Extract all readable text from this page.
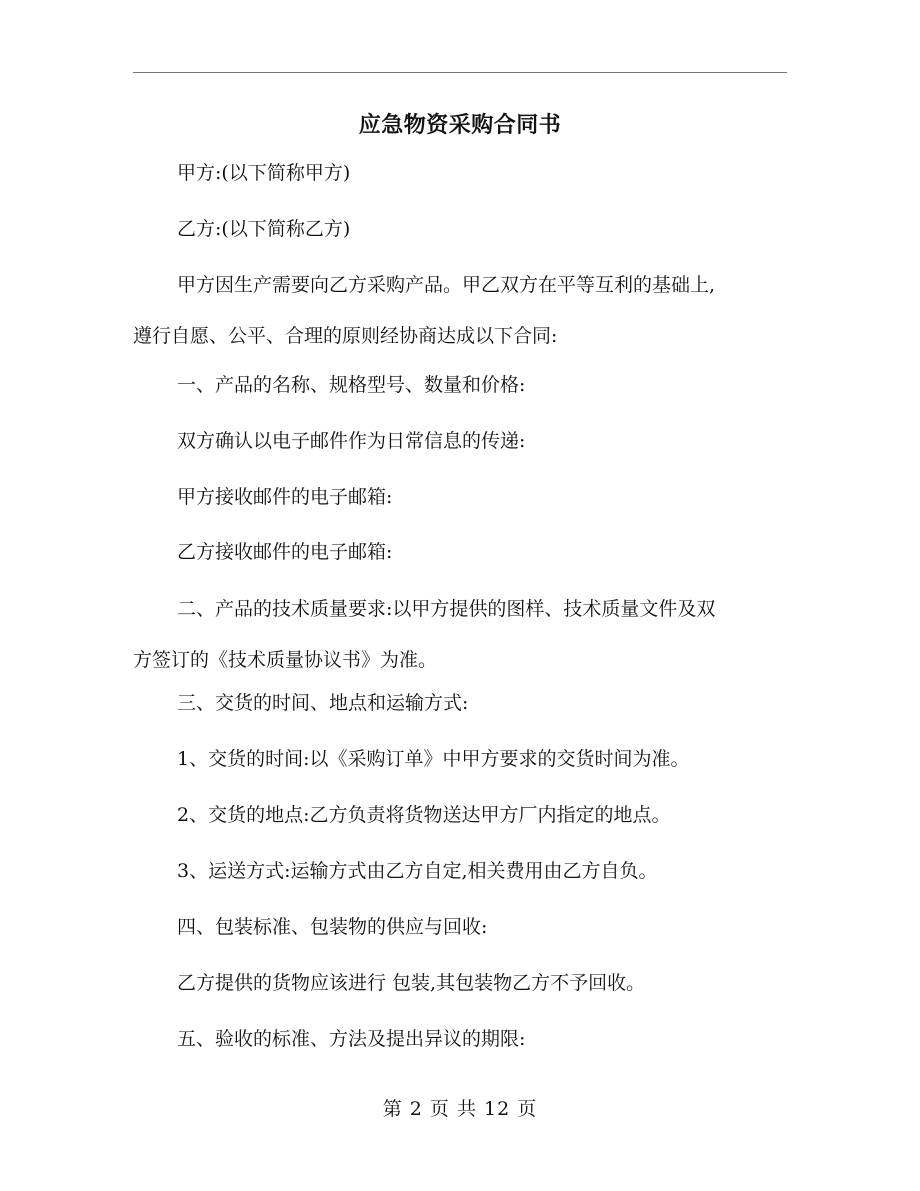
应急物资采购合同书
甲方:(以下简称甲方)
乙方:(以下简称乙方)
甲方因生产需要向乙方采购产品。甲乙双方在平等互利的基础上,
遵行自愿、公平、合理的原则经协商达成以下合同:
一、产品的名称、规格型号、数量和价格:
双方确认以电子邮件作为日常信息的传递:
甲方接收邮件的电子邮箱:
乙方接收邮件的电子邮箱:
二、产品的技术质量要求:以甲方提供的图样、技术质量文件及双
方签订的《技术质量协议书》为准。
三、交货的时间、地点和运输方式:
1、交货的时间:以《采购订单》中甲方要求的交货时间为准。
2、交货的地点:乙方负责将货物送达甲方厂内指定的地点。
3、运送方式:运输方式由乙方自定,相关费用由乙方自负。
四、包装标准、包装物的供应与回收:
乙方提供的货物应该进行 包装,其包装物乙方不予回收。
五、验收的标准、方法及提出异议的期限:
第 2 页 共 12 页
